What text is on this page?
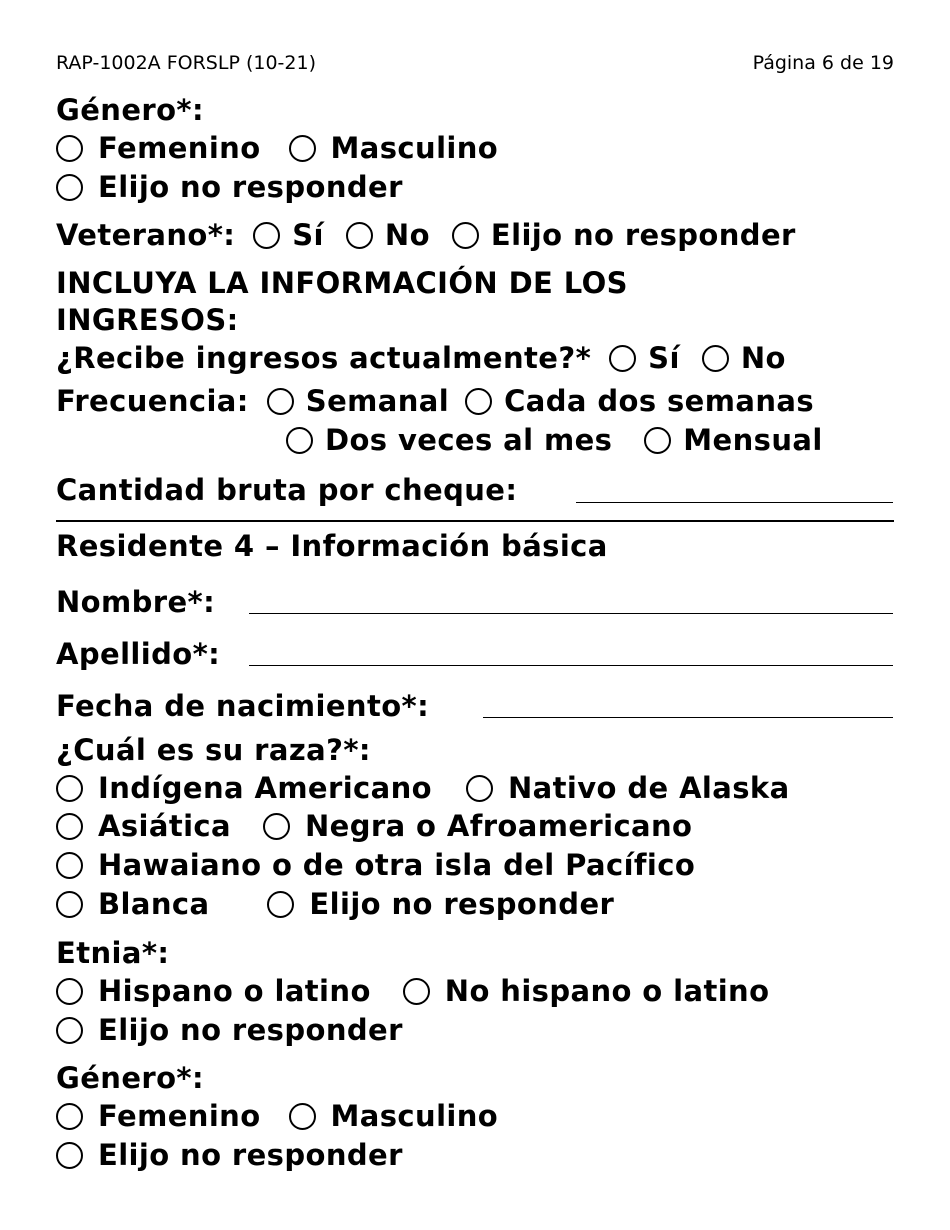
RAP-1002A FORSLP (10-21)	Página 6 de 19
Género*:
Femenino Masculino
Elijo no responder
Veterano*: Sí No Elijo no responder
INCLUYA LA INFORMACIÓN DE LOS
INGRESOS:
¿Recibe ingresos actualmente?* Sí No
Frecuencia: Semanal Cada dos semanas
Dos veces al mes Mensual
Cantidad bruta por cheque:
Residente 4 – Información básica
Nombre*:
Apellido*:
Fecha de nacimiento*:
¿Cuál es su raza?*:
Indígena Americano	Nativo de Alaska
Asiática	Negra o Afroamericano
Hawaiano o de otra isla del Pacífico
Blanca	Elijo no responder
Etnia*:
Hispano o latino	No hispano o latino
Elijo no responder
Género*:
Femenino Masculino
Elijo no responder
